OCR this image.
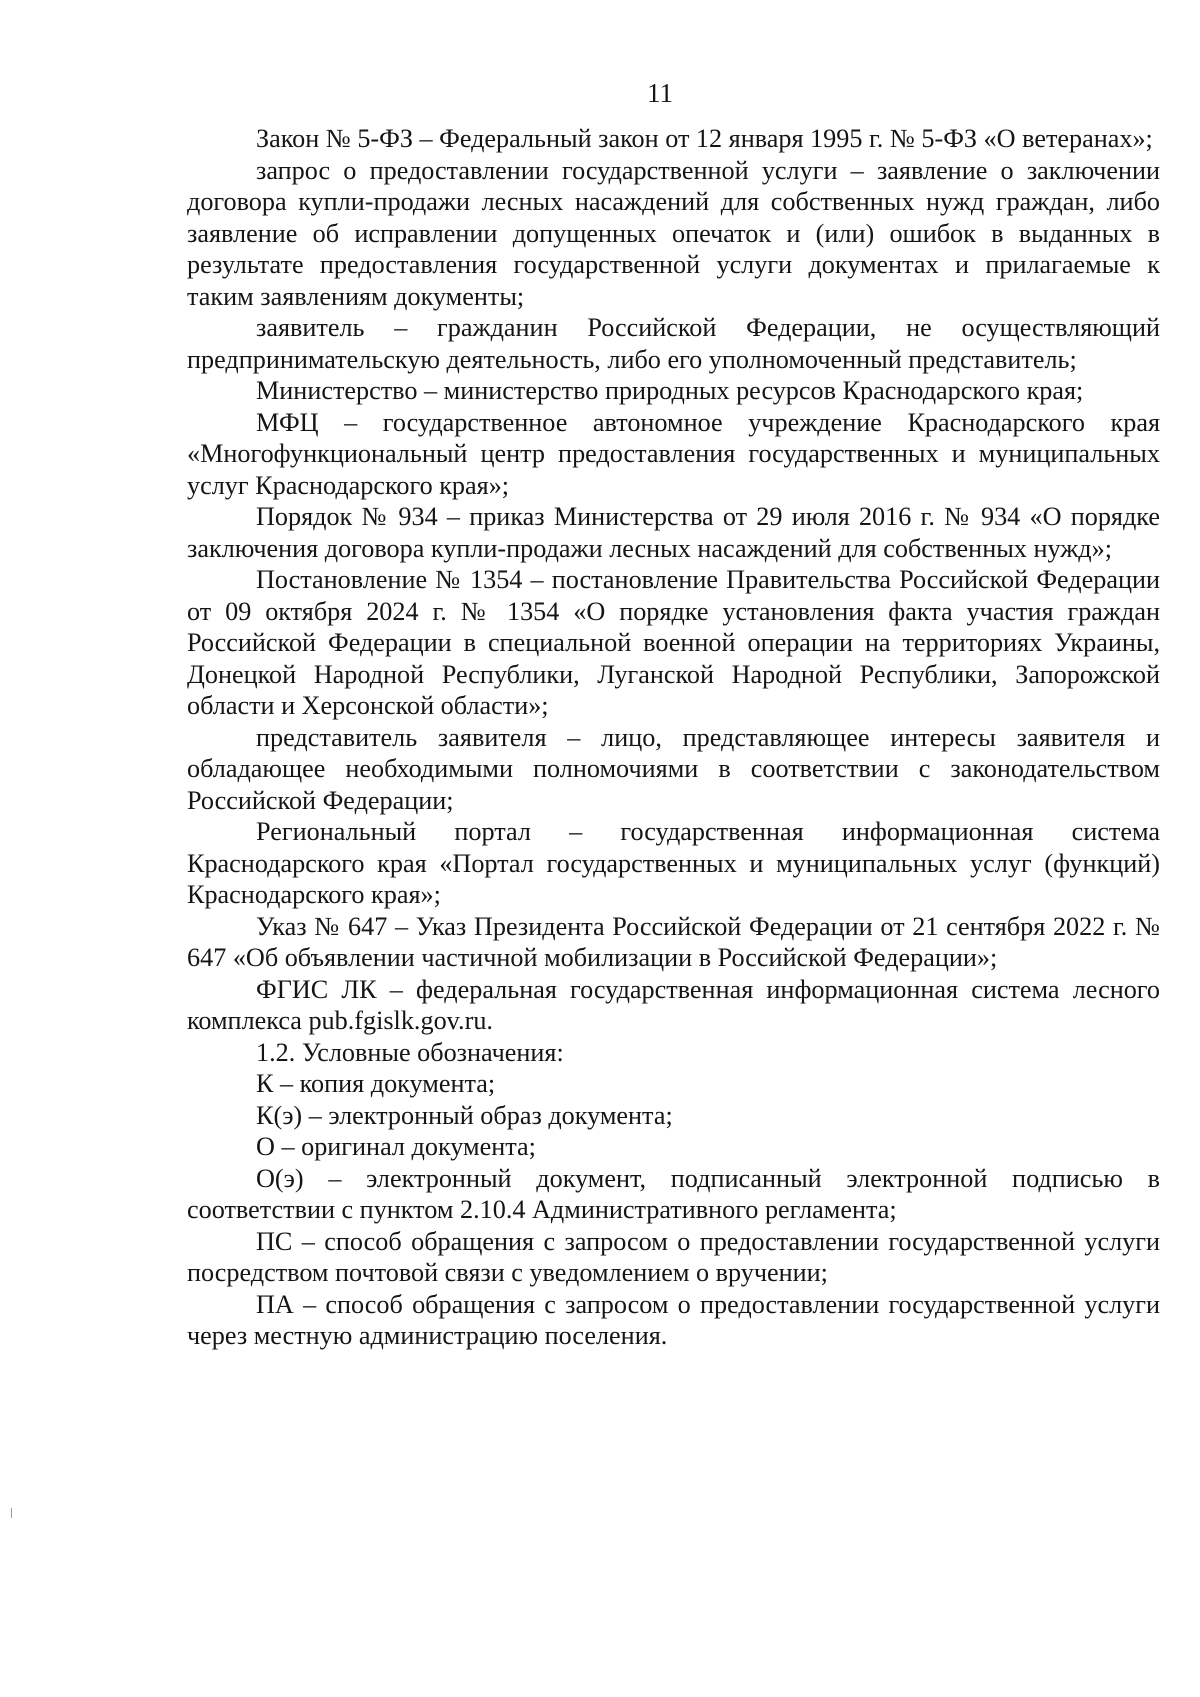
11

Закон № 5-ФЗ – Федеральный закон от 12 января 1995 г. № 5-ФЗ «О ветеранах»;

запрос о предоставлении государственной услуги – заявление о заключении договора купли-продажи лесных насаждений для собственных нужд граждан, либо заявление об исправлении допущенных опечаток и (или) ошибок в выданных в результате предоставления государственной услуги документах и прилагаемые к таким заявлениям документы;

заявитель – гражданин Российской Федерации, не осуществляющий предпринимательскую деятельность, либо его уполномоченный представитель;

Министерство – министерство природных ресурсов Краснодарского края;

МФЦ – государственное автономное учреждение Краснодарского края «Многофункциональный центр предоставления государственных и муниципальных услуг Краснодарского края»;

Порядок № 934 – приказ Министерства от 29 июля 2016 г. № 934 «О порядке заключения договора купли-продажи лесных насаждений для собственных нужд»;

Постановление № 1354 – постановление Правительства Российской Федерации от 09 октября 2024 г. № 1354 «О порядке установления факта участия граждан Российской Федерации в специальной военной операции на территориях Украины, Донецкой Народной Республики, Луганской Народной Республики, Запорожской области и Херсонской области»;

представитель заявителя – лицо, представляющее интересы заявителя и обладающее необходимыми полномочиями в соответствии с законодательством Российской Федерации;

Региональный портал – государственная информационная система Краснодарского края «Портал государственных и муниципальных услуг (функций) Краснодарского края»;

Указ № 647 – Указ Президента Российской Федерации от 21 сентября 2022 г. № 647 «Об объявлении частичной мобилизации в Российской Федерации»;

ФГИС ЛК – федеральная государственная информационная система лесного комплекса pub.fgislk.gov.ru.

1.2. Условные обозначения:

К – копия документа;

К(э) – электронный образ документа;

О – оригинал документа;

О(э) – электронный документ, подписанный электронной подписью в соответствии с пунктом 2.10.4 Административного регламента;

ПС – способ обращения с запросом о предоставлении государственной услуги посредством почтовой связи с уведомлением о вручении;

ПА – способ обращения с запросом о предоставлении государственной услуги через местную администрацию поселения.
